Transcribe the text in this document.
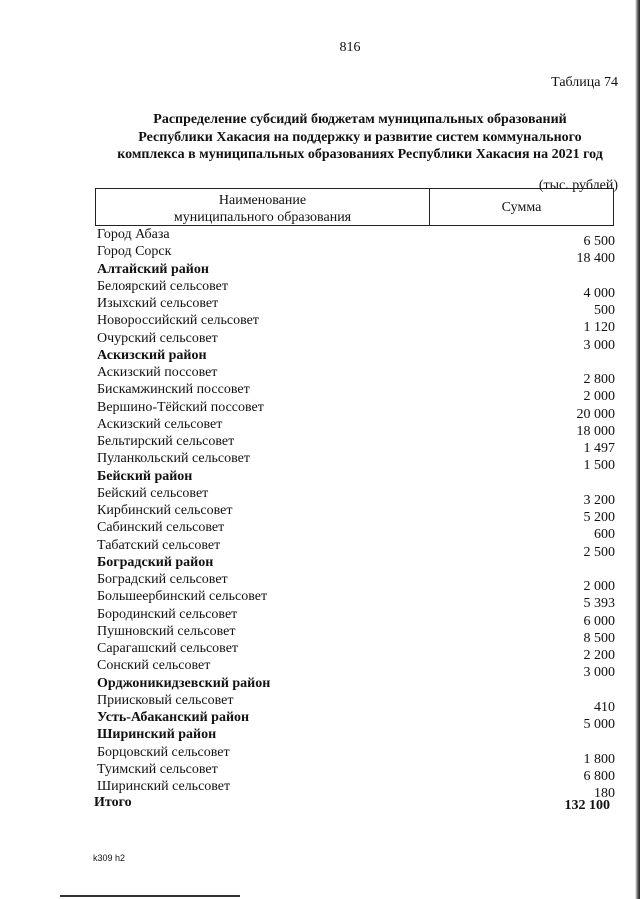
816
Таблица 74
Распределение субсидий бюджетам муниципальных образований
Республики Хакасия на поддержку и развитие систем коммунального
комплекса в муниципальных образованиях Республики Хакасия на 2021 год
(тыс. рублей)
Наименование
муниципального образования
Сумма
Город Абаза	6 500
Город Сорск	18 400
Алтайский район
Белоярский сельсовет	4 000
Изыхский сельсовет	500
Новороссийский сельсовет	1 120
Очурский сельсовет	3 000
Аскизский район
Аскизский поссовет	2 800
Бискамжинский поссовет	2 000
Вершино-Тёйский поссовет	20 000
Аскизский сельсовет	18 000
Бельтирский сельсовет	1 497
Пуланкольский сельсовет	1 500
Бейский район
Бейский сельсовет	3 200
Кирбинский сельсовет	5 200
Сабинский сельсовет	600
Табатский сельсовет	2 500
Боградский район
Боградский сельсовет	2 000
Большеербинский сельсовет	5 393
Бородинский сельсовет	6 000
Пушновский сельсовет	8 500
Сарагашский сельсовет	2 200
Сонский сельсовет	3 000
Орджоникидзевский район
Приисковый сельсовет	410
Усть-Абаканский район	5 000
Ширинский район
Борцовский сельсовет	1 800
Туимский сельсовет	6 800
Ширинский сельсовет	180
Итого	132 100
k309 h2
